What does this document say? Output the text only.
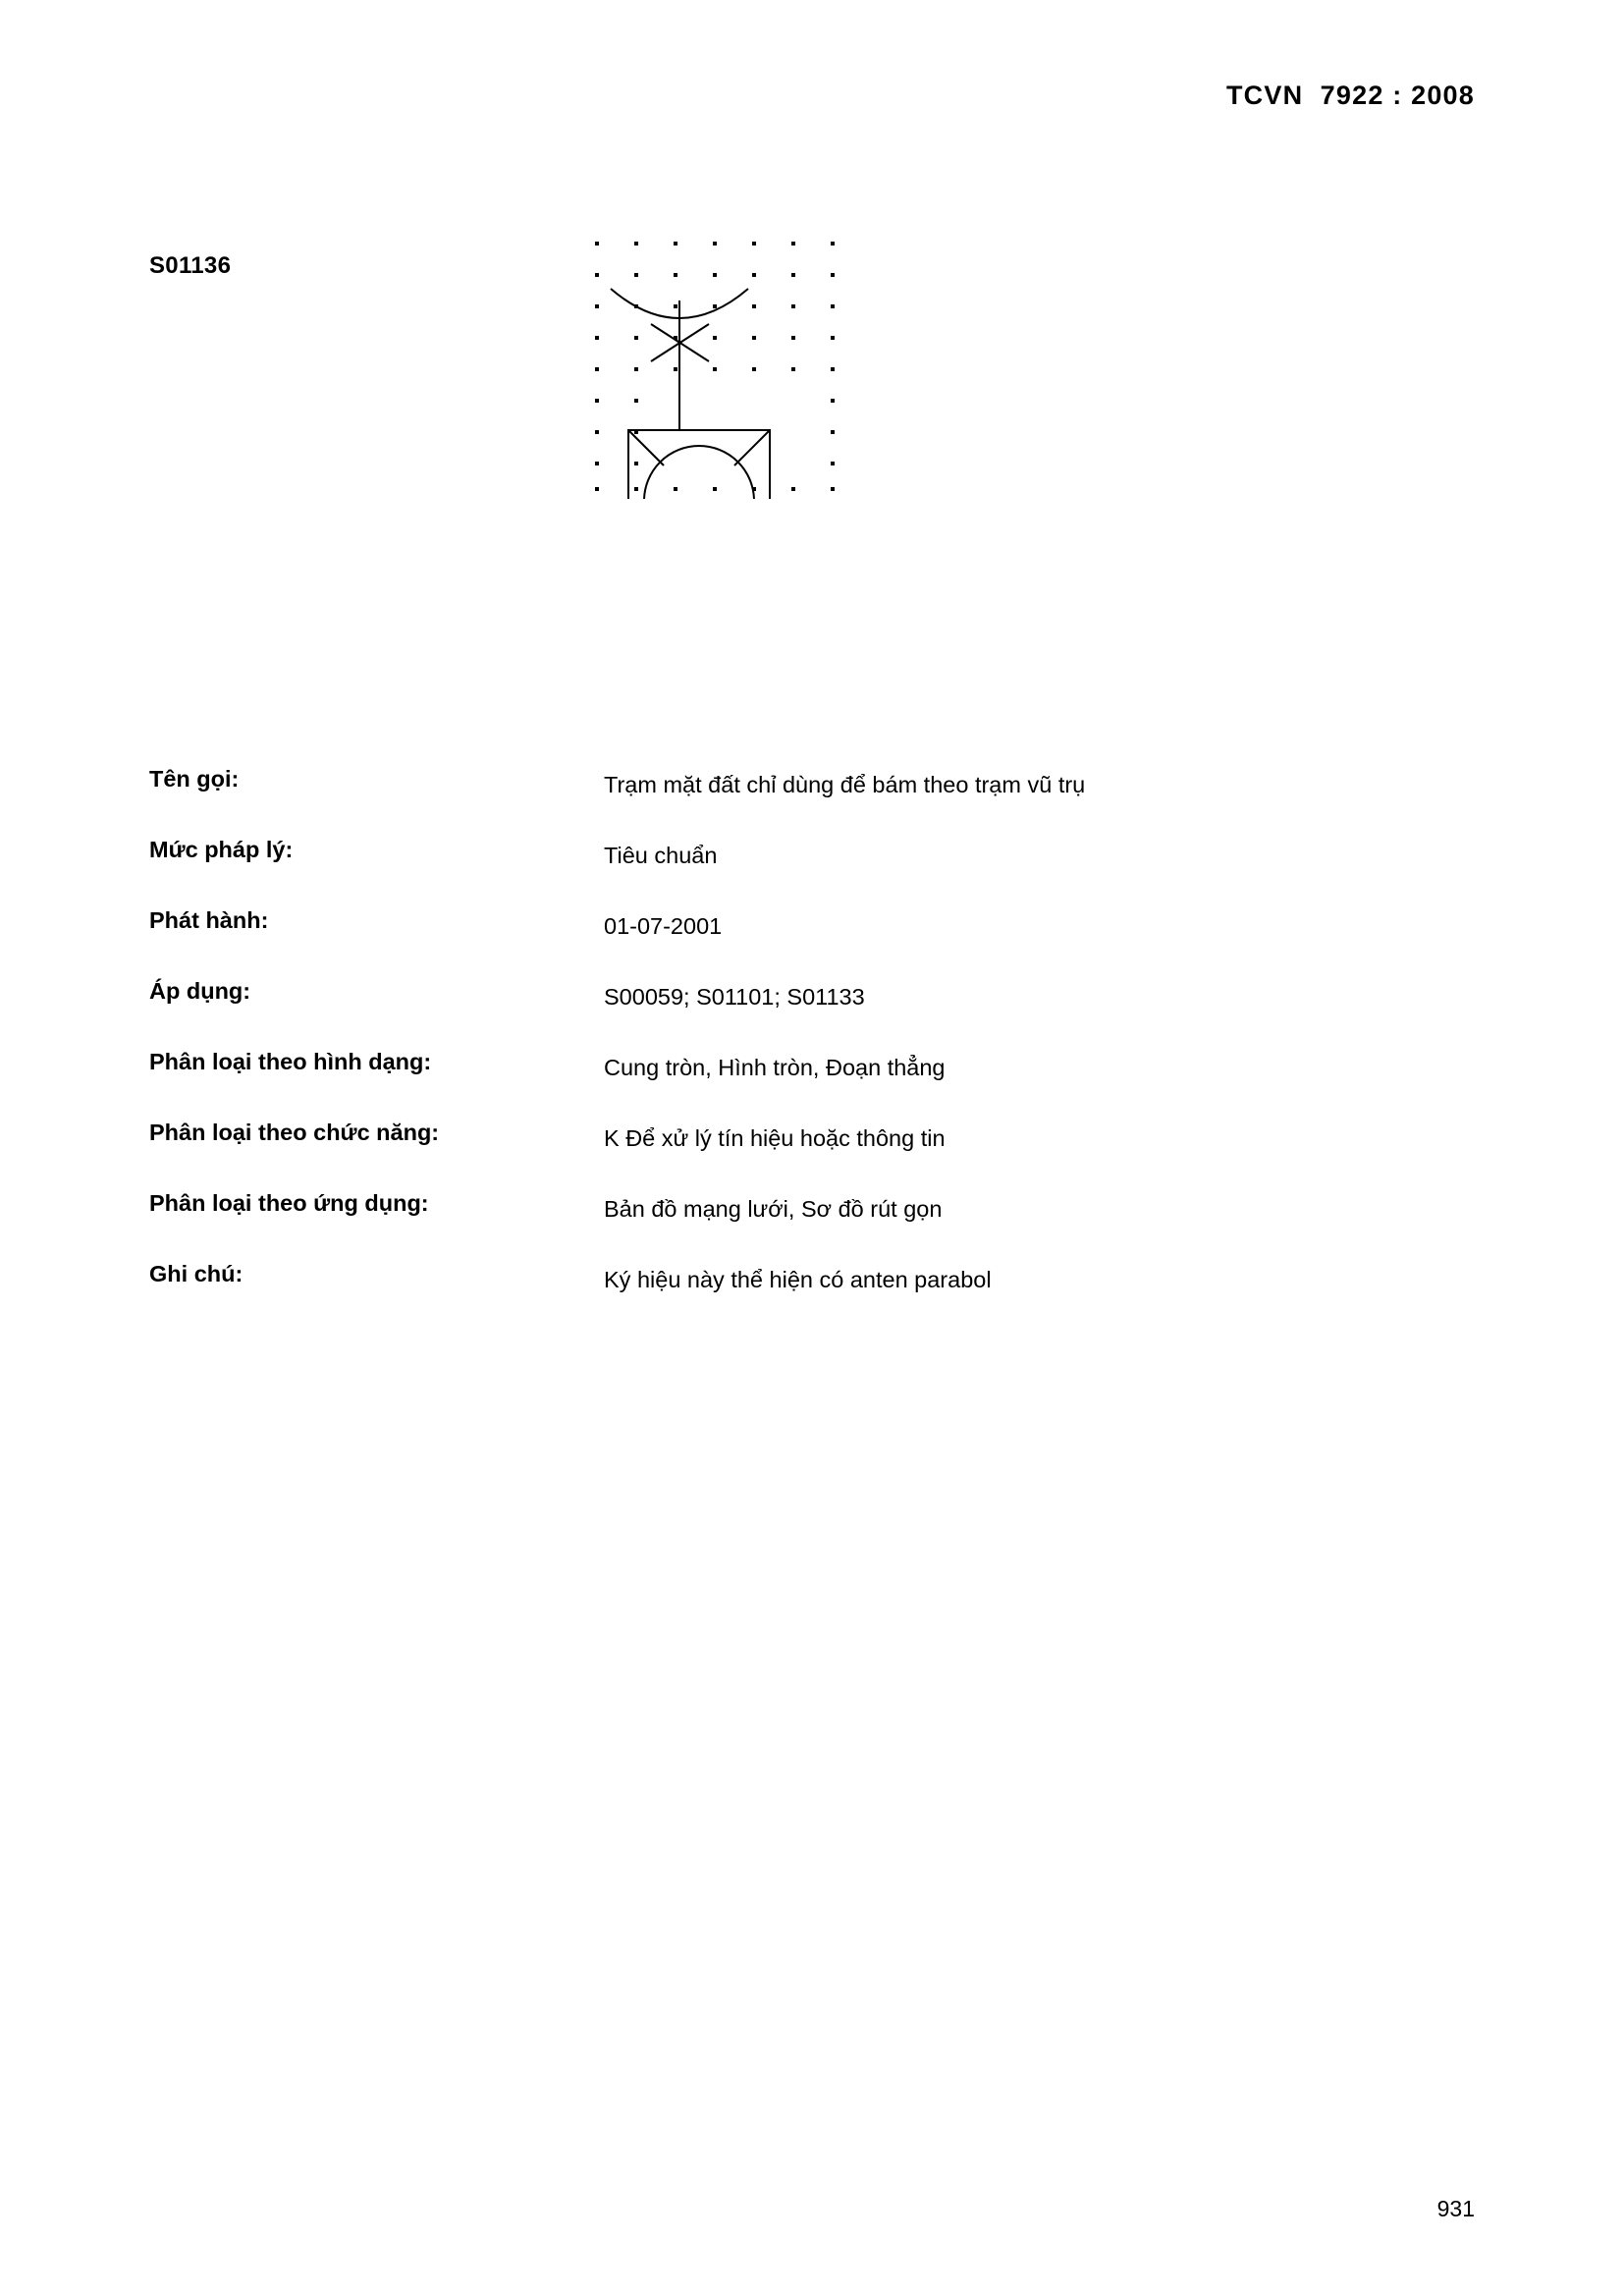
TCVN  7922 : 2008
S01136
Tên gọi:	Trạm mặt đất chỉ dùng để bám theo trạm vũ trụ
Mức pháp lý:	Tiêu chuẩn
Phát hành:	01-07-2001
Áp dụng:	S00059; S01101; S01133
Phân loại theo hình dạng:	Cung tròn, Hình tròn, Đoạn thẳng
Phân loại theo chức năng:	K Để xử lý tín hiệu hoặc thông tin
Phân loại theo ứng dụng:	Bản đồ mạng lưới, Sơ đồ rút gọn
Ghi chú:	Ký hiệu này thể hiện có anten parabol
931
